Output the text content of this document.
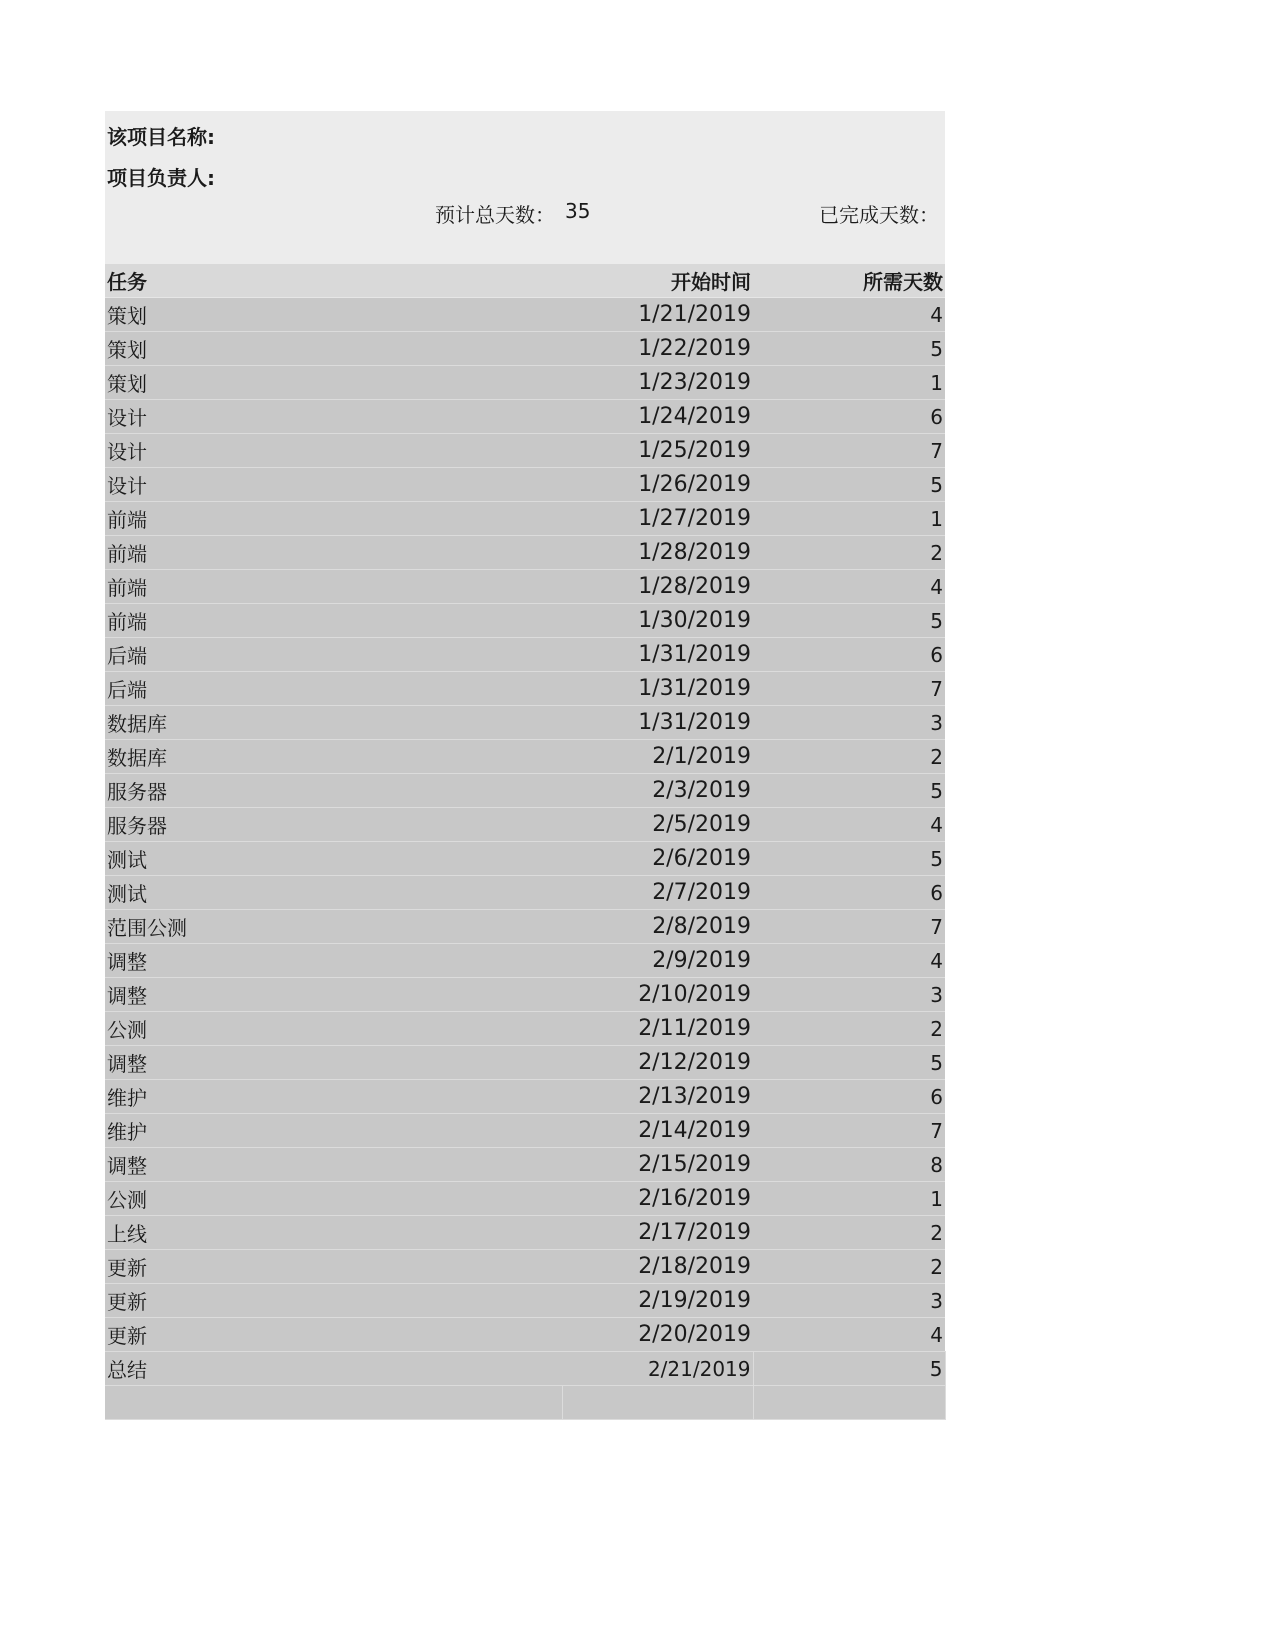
该项目名称:
项目负责人:
预计总天数： 35	已完成天数：
任务	开始时间	所需天数
策划	1/21/2019	4
策划	1/22/2019	5
策划	1/23/2019	1
设计	1/24/2019	6
设计	1/25/2019	7
设计	1/26/2019	5
前端	1/27/2019	1
前端	1/28/2019	2
前端	1/28/2019	4
前端	1/30/2019	5
后端	1/31/2019	6
后端	1/31/2019	7
数据库	1/31/2019	3
数据库	2/1/2019	2
服务器	2/3/2019	5
服务器	2/5/2019	4
测试	2/6/2019	5
测试	2/7/2019	6
范围公测	2/8/2019	7
调整	2/9/2019	4
调整	2/10/2019	3
公测	2/11/2019	2
调整	2/12/2019	5
维护	2/13/2019	6
维护	2/14/2019	7
调整	2/15/2019	8
公测	2/16/2019	1
上线	2/17/2019	2
更新	2/18/2019	2
更新	2/19/2019	3
更新	2/20/2019	4
总结	2/21/2019	5
